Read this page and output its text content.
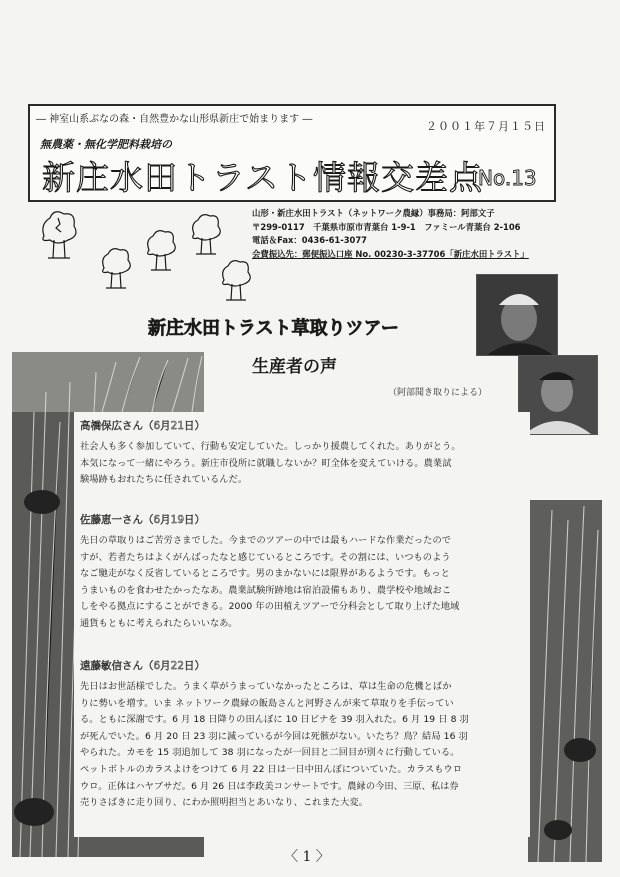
― 神室山系ぶなの森・自然豊かな山形県新庄で始まります ―
２００１年７月１５日
無農薬・無化学肥料栽培の
新庄水田トラスト情報交差点
No.13
山形・新庄水田トラスト（ネットワーク農縁）事務局：阿部文子
〒299-0117　千葉県市原市青葉台 1-9-1　ファミール青葉台 2-106
電話＆Fax：0436-61-3077
会費振込先：郵便振込口座 No. 00230-3-37706「新庄水田トラスト」
新庄水田トラスト草取りツアー
生産者の声
（阿部聞き取りによる）
高橋保広さん（6月21日）

社会人も多く参加していて、行動も安定していた。しっかり援農してくれた。ありがとう。
本気になって一緒にやろう。新庄市役所に就職しないか？町全体を変えていける。農業試
験場跡もおれたちに任されているんだ。

佐藤恵一さん（6月19日）

先日の草取りはご苦労さまでした。今までのツアーの中では最もハードな作業だったので
すが、若者たちはよくがんばったなと感じているところです。その割には、いつものよう
なご馳走がなく反省しているところです。男のまかないには限界があるようです。もっと
うまいものを食わせたかったなあ。農業試験所跡地は宿泊設備もあり、農学校や地域おこ
しをやる拠点にすることができる。2000 年の田植えツアーで分科会として取り上げた地域
通貨もともに考えられたらいいなあ。

遠藤敏信さん（6月22日）

先日はお世話様でした。うまく草がうまっていなかったところは、草は生命の危機とばか
りに勢いを増す。いま ネットワーク農縁の飯島さんと河野さんが来て草取りを手伝ってい
る。ともに深謝です。6 月 18 日降りの田んぼに 10 日ビナを 39 羽入れた。6 月 19 日 8 羽
が死んでいた。6 月 20 日 23 羽に減っているが今回は死骸がない。いたち？鳥？結局 16 羽
やられた。カモを 15 羽追加して 38 羽になったが一回目と二回目が別々に行動している。
ペットボトルのカラスよけをつけて 6 月 22 日は一日中田んぼについていた。カラスもウロ
ウロ。正体はハヤブサだ。6 月 26 日は李政美コンサートです。農縁の今田、三原、私は券
売りさばきに走り回り、にわか照明担当とあいなり、これまた大変。

〈 1 〉
